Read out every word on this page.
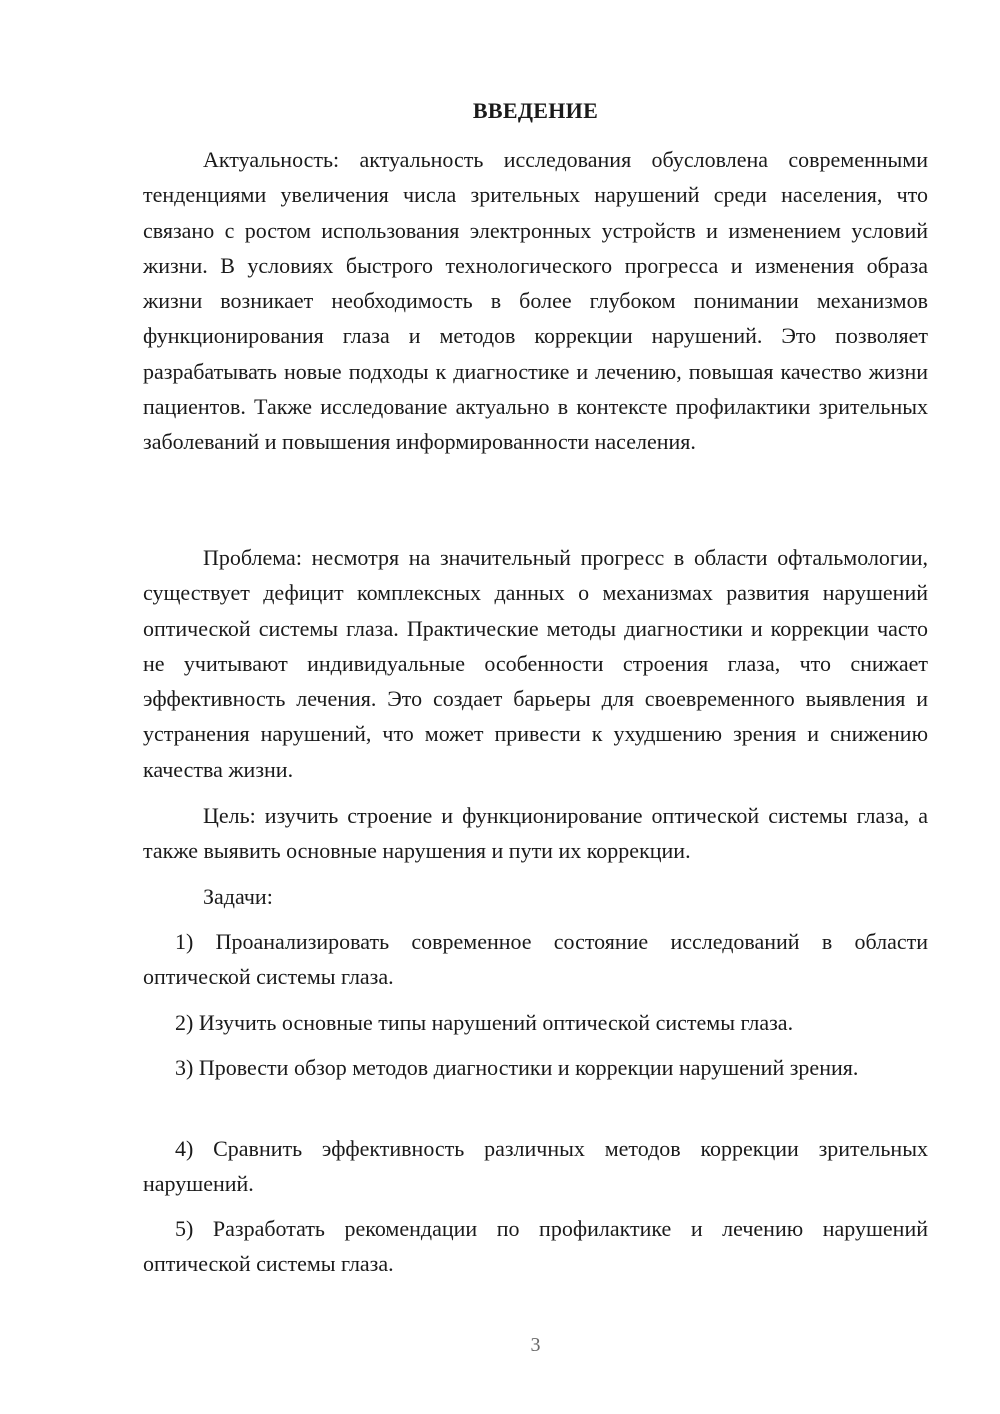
ВВЕДЕНИЕ

Актуальность: актуальность исследования обусловлена современными тенденциями увеличения числа зрительных нарушений среди населения, что связано с ростом использования электронных устройств и изменением условий жизни. В условиях быстрого технологического прогресса и изменения образа жизни возникает необходимость в более глубоком понимании механизмов функционирования глаза и методов коррекции нарушений. Это позволяет разрабатывать новые подходы к диагностике и лечению, повышая качество жизни пациентов. Также исследование актуально в контексте профилактики зрительных заболеваний и повышения информированности населения.

Проблема: несмотря на значительный прогресс в области офтальмологии, существует дефицит комплексных данных о механизмах развития нарушений оптической системы глаза. Практические методы диагностики и коррекции часто не учитывают индивидуальные особенности строения глаза, что снижает эффективность лечения. Это создает барьеры для своевременного выявления и устранения нарушений, что может привести к ухудшению зрения и снижению качества жизни.

Цель: изучить строение и функционирование оптической системы глаза, а также выявить основные нарушения и пути их коррекции.

Задачи:

1) Проанализировать современное состояние исследований в области оптической системы глаза.

2) Изучить основные типы нарушений оптической системы глаза.

3) Провести обзор методов диагностики и коррекции нарушений зрения.

4) Сравнить эффективность различных методов коррекции зрительных нарушений.

5) Разработать рекомендации по профилактике и лечению нарушений оптической системы глаза.

3
